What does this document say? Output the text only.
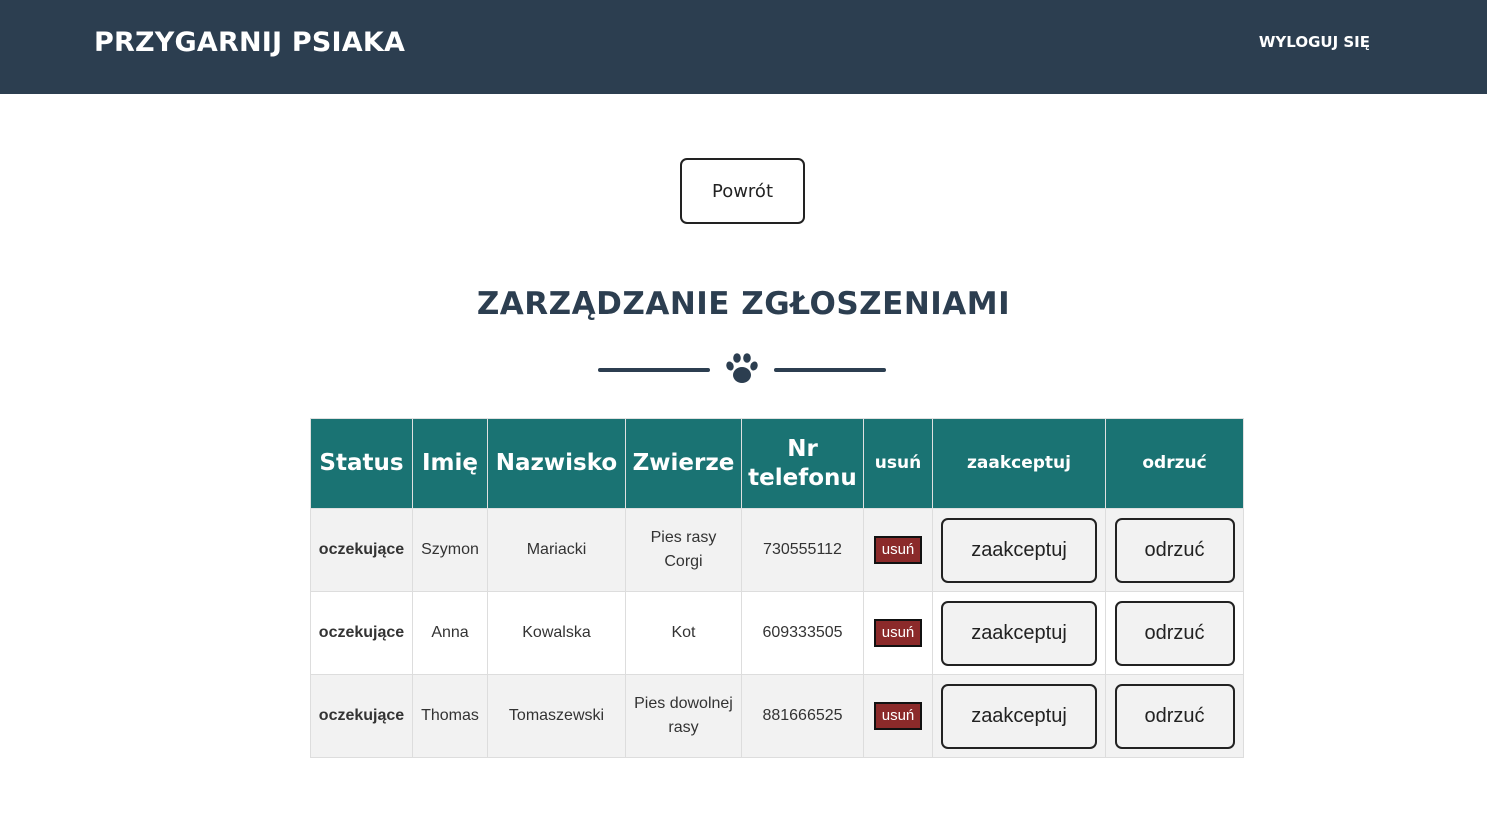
PRZYGARNIJ PSIAKA	WYLOGUJ SIĘ
Powrót
ZARZĄDZANIE ZGŁOSZENIAMI
Status	Imię	Nazwisko	Zwierze	Nr telefonu	usuń	zaakceptuj	odrzuć
oczekujące	Szymon	Mariacki	Pies rasy Corgi	730555112	usuń	zaakceptuj	odrzuć

oczekujące	Anna	Kowalska	Kot	609333505	usuń	zaakceptuj	odrzuć

oczekujące	Thomas	Tomaszewski	Pies dowolnej rasy	881666525	usuń	zaakceptuj	odrzuć
